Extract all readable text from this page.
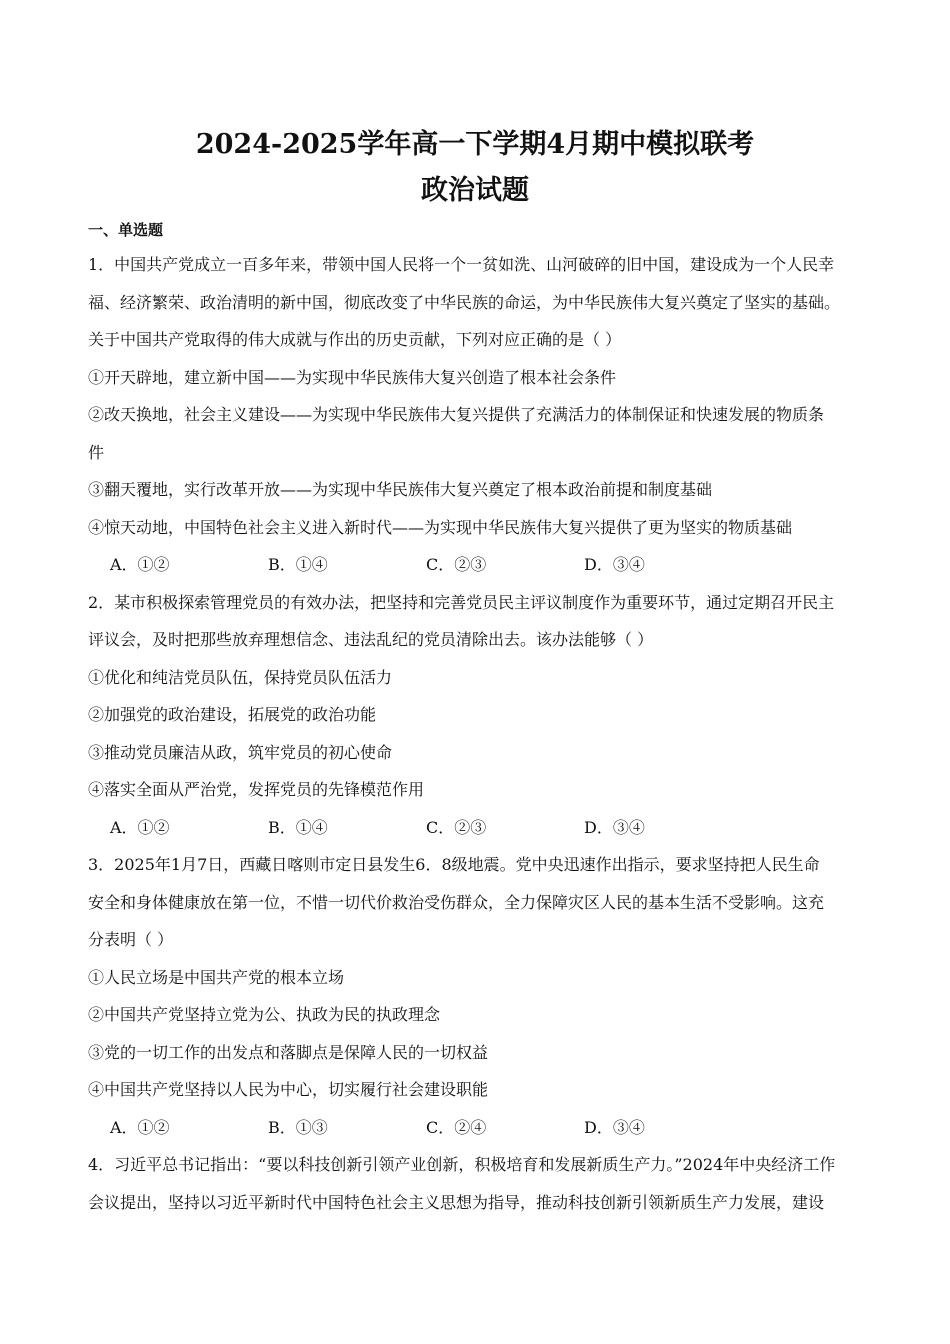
2024-2025学年高一下学期4月期中模拟联考
政治试题
一、单选题

1．中国共产党成立一百多年来，带领中国人民将一个一贫如洗、山河破碎的旧中国，建设成为一个人民幸

福、经济繁荣、政治清明的新中国，彻底改变了中华民族的命运，为中华民族伟大复兴奠定了坚实的基础。

关于中国共产党取得的伟大成就与作出的历史贡献，下列对应正确的是（ ）

①开天辟地，建立新中国——为实现中华民族伟大复兴创造了根本社会条件

②改天换地，社会主义建设——为实现中华民族伟大复兴提供了充满活力的体制保证和快速发展的物质条

件

③翻天覆地，实行改革开放——为实现中华民族伟大复兴奠定了根本政治前提和制度基础

④惊天动地，中国特色社会主义进入新时代——为实现中华民族伟大复兴提供了更为坚实的物质基础

A．①②	B．①④	C．②③	D．③④

2．某市积极探索管理党员的有效办法，把坚持和完善党员民主评议制度作为重要环节，通过定期召开民主

评议会，及时把那些放弃理想信念、违法乱纪的党员清除出去。该办法能够（ ）

①优化和纯洁党员队伍，保持党员队伍活力

②加强党的政治建设，拓展党的政治功能

③推动党员廉洁从政，筑牢党员的初心使命

④落实全面从严治党，发挥党员的先锋模范作用

A．①②	B．①④	C．②③	D．③④

3．2025年1月7日，西藏日喀则市定日县发生6．8级地震。党中央迅速作出指示，要求坚持把人民生命

安全和身体健康放在第一位，不惜一切代价救治受伤群众，全力保障灾区人民的基本生活不受影响。这充

分表明（ ）

①人民立场是中国共产党的根本立场

②中国共产党坚持立党为公、执政为民的执政理念

③党的一切工作的出发点和落脚点是保障人民的一切权益

④中国共产党坚持以人民为中心，切实履行社会建设职能

A．①②	B．①③	C．②④	D．③④

4．习近平总书记指出：“要以科技创新引领产业创新，积极培育和发展新质生产力。”2024年中央经济工作

会议提出，坚持以习近平新时代中国特色社会主义思想为指导，推动科技创新引领新质生产力发展，建设
